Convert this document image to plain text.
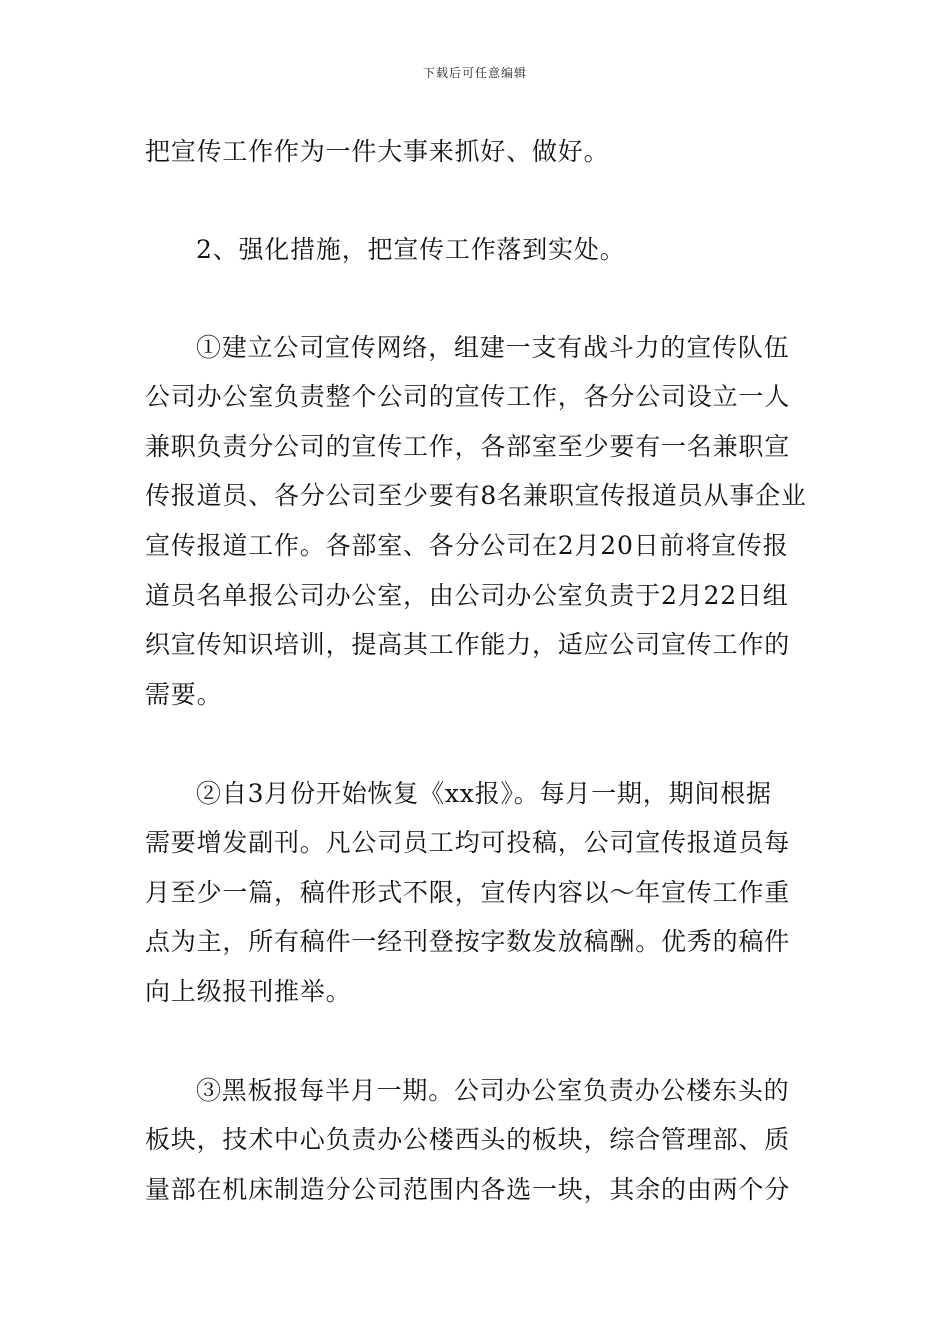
下载后可任意编辑
把宣传工作作为一件大事来抓好、做好。
2、强化措施，把宣传工作落到实处。
①建立公司宣传网络，组建一支有战斗力的宣传队伍
公司办公室负责整个公司的宣传工作，各分公司设立一人
兼职负责分公司的宣传工作，各部室至少要有一名兼职宣
传报道员、各分公司至少要有8名兼职宣传报道员从事企业
宣传报道工作。各部室、各分公司在2月20日前将宣传报
道员名单报公司办公室，由公司办公室负责于2月22日组
织宣传知识培训，提高其工作能力，适应公司宣传工作的
需要。
②自3月份开始恢复《xx报》。每月一期，期间根据
需要增发副刊。凡公司员工均可投稿，公司宣传报道员每
月至少一篇，稿件形式不限，宣传内容以～年宣传工作重
点为主，所有稿件一经刊登按字数发放稿酬。优秀的稿件
向上级报刊推举。
③黑板报每半月一期。公司办公室负责办公楼东头的
板块，技术中心负责办公楼西头的板块，综合管理部、质
量部在机床制造分公司范围内各选一块，其余的由两个分
